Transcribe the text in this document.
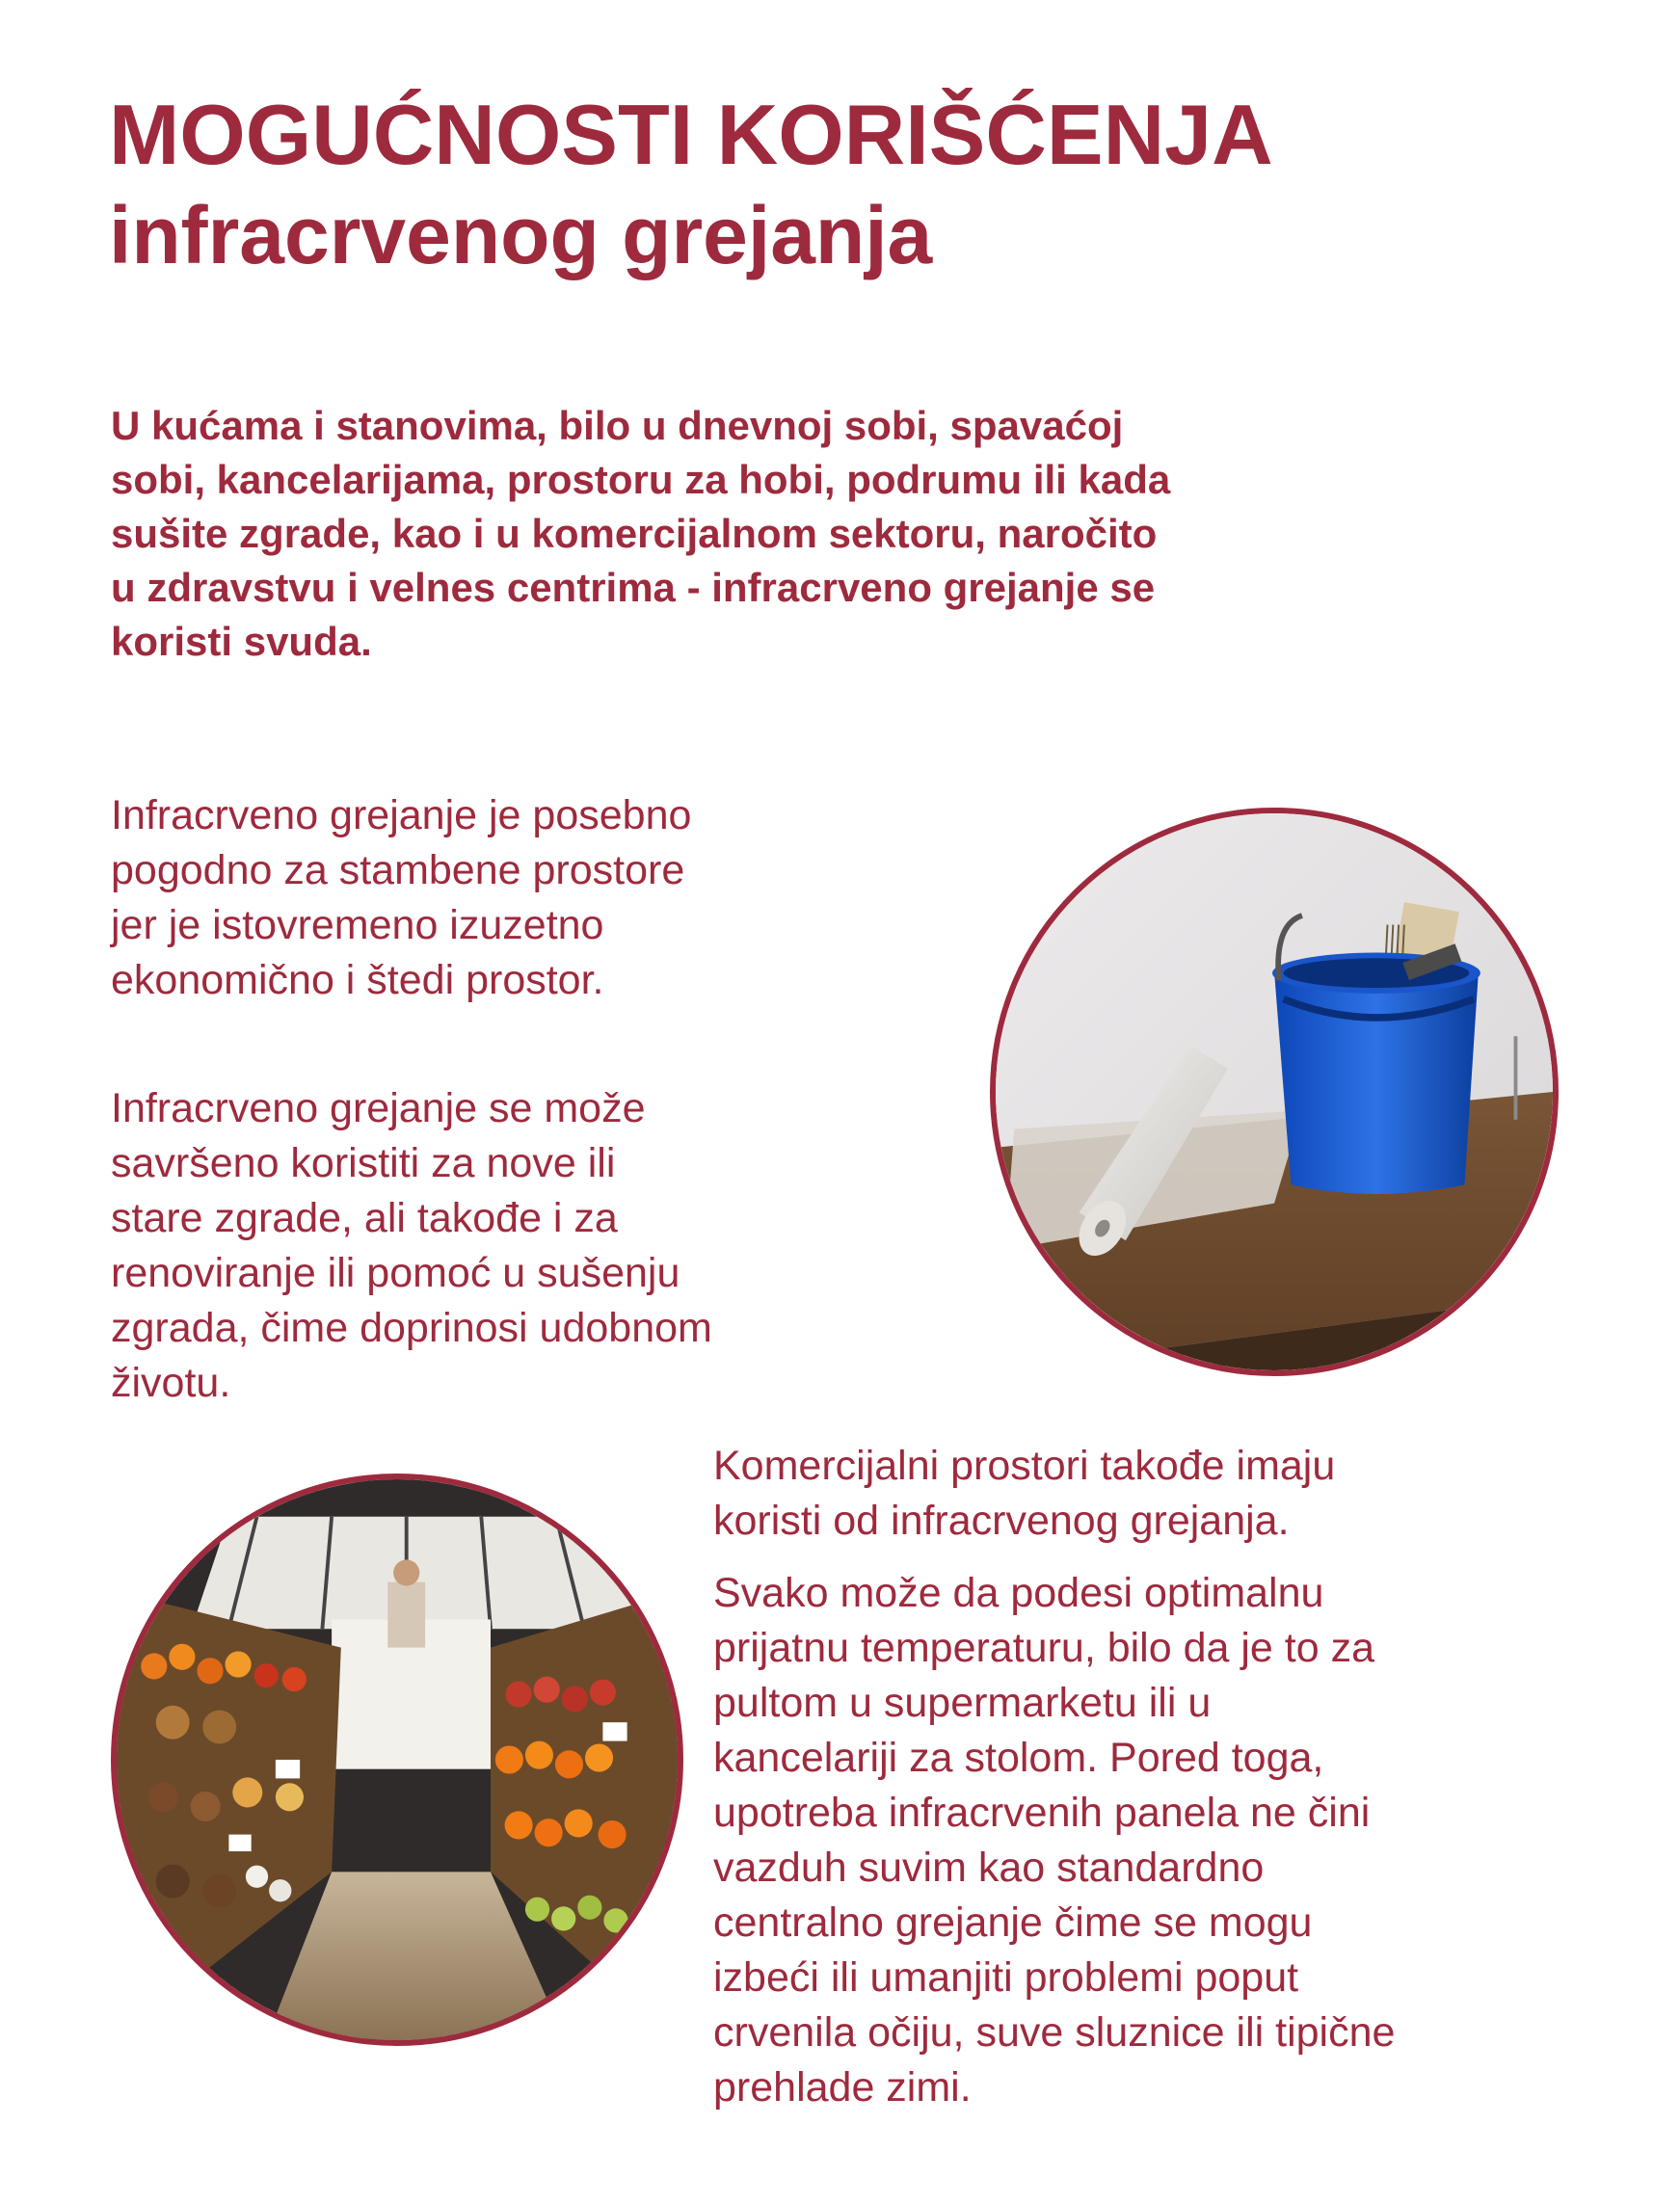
MOGUĆNOSTI KORIŠĆENJA
infracrvenog grejanja

U kućama i stanovima, bilo u dnevnoj sobi, spavaćoj
sobi, kancelarijama, prostoru za hobi, podrumu ili kada
sušite zgrade, kao i u komercijalnom sektoru, naročito
u zdravstvu i velnes centrima - infracrveno grejanje se
koristi svuda.

Infracrveno grejanje je posebno
pogodno za stambene prostore
jer je istovremeno izuzetno
ekonomično i štedi prostor.

Infracrveno grejanje se može
savršeno koristiti za nove ili
stare zgrade, ali takođe i za
renoviranje ili pomoć u sušenju
zgrada, čime doprinosi udobnom
životu.

Komercijalni prostori takođe imaju
koristi od infracrvenog grejanja.

Svako može da podesi optimalnu
prijatnu temperaturu, bilo da je to za
pultom u supermarketu ili u
kancelariji za stolom. Pored toga,
upotreba infracrvenih panela ne čini
vazduh suvim kao standardno
centralno grejanje čime se mogu
izbeći ili umanjiti problemi poput
crvenila očiju, suve sluznice ili tipične
prehlade zimi.
